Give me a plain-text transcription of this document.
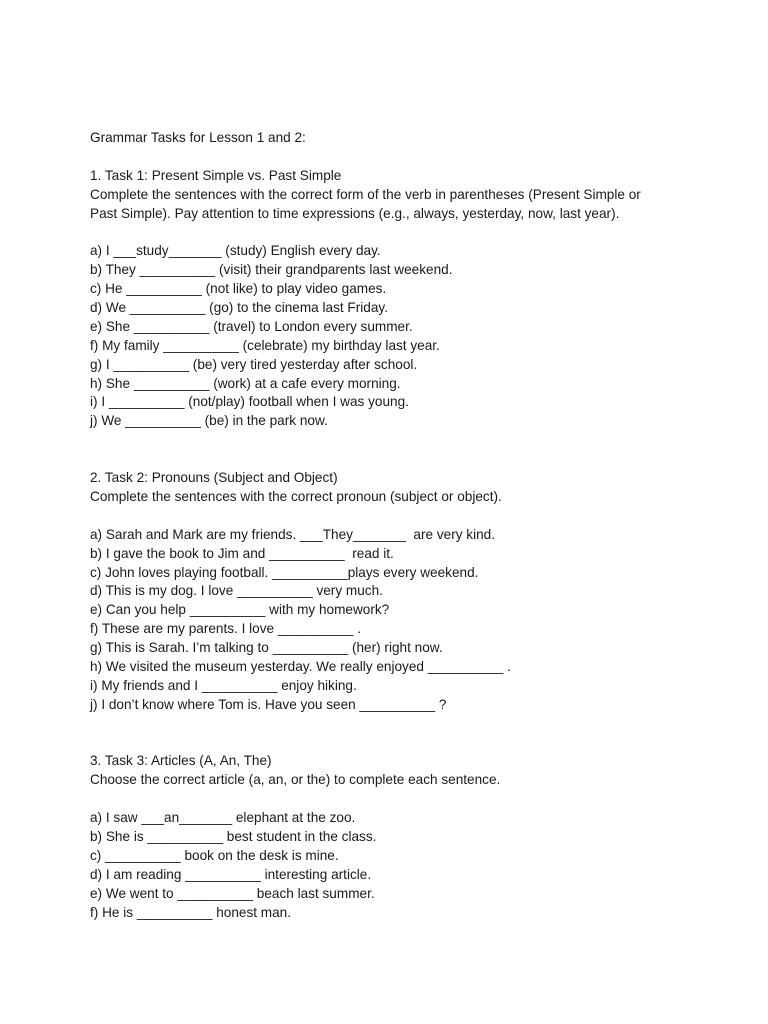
Grammar Tasks for Lesson 1 and 2:
1. Task 1: Present Simple vs. Past Simple
Complete the sentences with the correct form of the verb in parentheses (Present Simple or
Past Simple). Pay attention to time expressions (e.g., always, yesterday, now, last year).
a) I ___study_______ (study) English every day.
b) They __________ (visit) their grandparents last weekend.
c) He __________ (not like) to play video games.
d) We __________ (go) to the cinema last Friday.
e) She __________ (travel) to London every summer.
f) My family __________ (celebrate) my birthday last year.
g) I __________ (be) very tired yesterday after school.
h) She __________ (work) at a cafe every morning.
i) I __________ (not/play) football when I was young.
j) We __________ (be) in the park now.
2. Task 2: Pronouns (Subject and Object)
Complete the sentences with the correct pronoun (subject or object).
a) Sarah and Mark are my friends. ___They_______  are very kind.
b) I gave the book to Jim and __________  read it.
c) John loves playing football. __________plays every weekend.
d) This is my dog. I love __________ very much.
e) Can you help __________ with my homework?
f) These are my parents. I love __________ .
g) This is Sarah. I’m talking to __________ (her) right now.
h) We visited the museum yesterday. We really enjoyed __________ .
i) My friends and I __________ enjoy hiking.
j) I don’t know where Tom is. Have you seen __________ ?
3. Task 3: Articles (A, An, The)
Choose the correct article (a, an, or the) to complete each sentence.
a) I saw ___an_______ elephant at the zoo.
b) She is __________ best student in the class.
c) __________ book on the desk is mine.
d) I am reading __________ interesting article.
e) We went to __________ beach last summer.
f) He is __________ honest man.
